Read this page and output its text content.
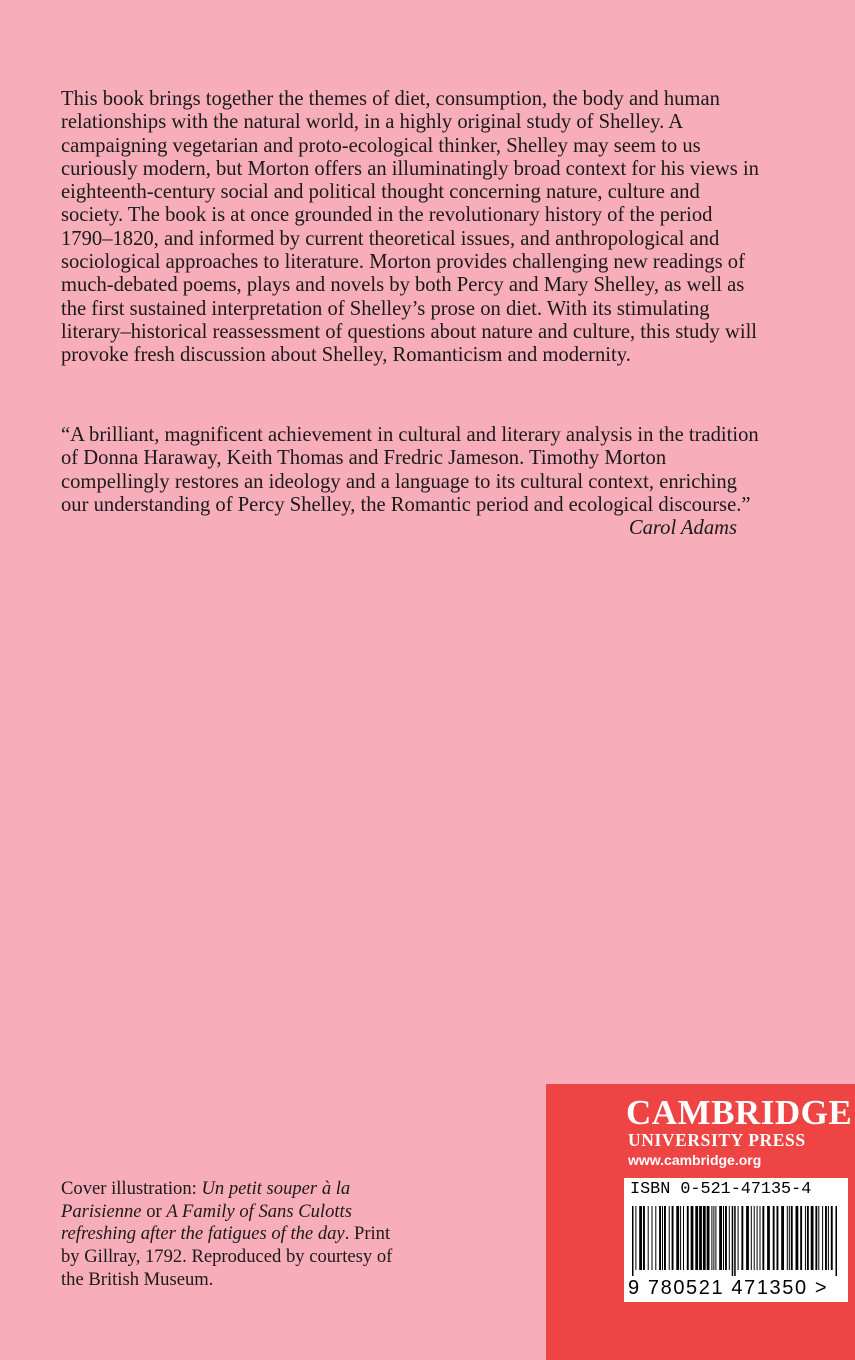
This book brings together the themes of diet, consumption, the body and human relationships with the natural world, in a highly original study of Shelley. A campaigning vegetarian and proto-ecological thinker, Shelley may seem to us curiously modern, but Morton offers an illuminatingly broad context for his views in eighteenth-century social and political thought concerning nature, culture and society. The book is at once grounded in the revolutionary history of the period 1790–1820, and informed by current theoretical issues, and anthropological and sociological approaches to literature. Morton provides challenging new readings of much-debated poems, plays and novels by both Percy and Mary Shelley, as well as the first sustained interpretation of Shelley’s prose on diet. With its stimulating literary–historical reassessment of questions about nature and culture, this study will provoke fresh discussion about Shelley, Romanticism and modernity.

“A brilliant, magnificent achievement in cultural and literary analysis in the tradition of Donna Haraway, Keith Thomas and Fredric Jameson. Timothy Morton compellingly restores an ideology and a language to its cultural context, enriching our understanding of Percy Shelley, the Romantic period and ecological discourse.”
Carol Adams

Cover illustration: Un petit souper à la Parisienne or A Family of Sans Culotts refreshing after the fatigues of the day. Print by Gillray, 1792. Reproduced by courtesy of the British Museum.

CAMBRIDGE
UNIVERSITY PRESS
www.cambridge.org
ISBN 0-521-47135-4
9 780521 471350 >
